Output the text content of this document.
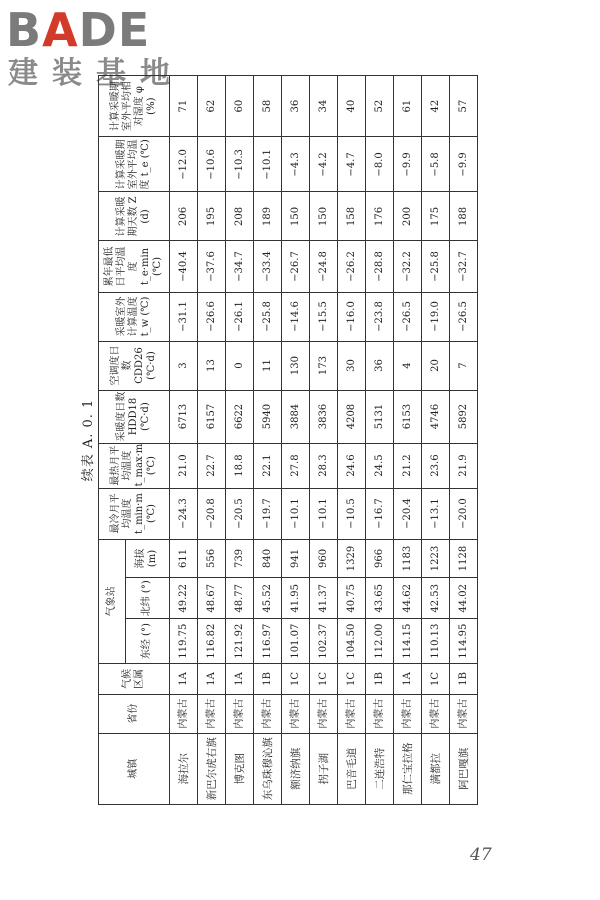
BADE
建装基地
续表 A. 0. 1
城镇	省份	气候区属	气象站			最冷月平均温度 t_min·m (℃)	最热月平均温度 t_max·m (℃)	采暖度日数 HDD18 (℃·d)	空调度日数 CDD26 (℃·d)	采暖室外计算温度 t_w (℃)	累年最低日平均温度 t_e·min (℃)	计算采暖期天数 Z (d)	计算采暖期室外平均温度 t_e (℃)	计算采暖期室外平均相对湿度 φ (%)
			东经 (°)	北纬 (°)	海拔 (m)									
海拉尔	内蒙古	1A	119.75	49.22	611	−24.3	21.0	6713	3	−31.1	−40.4	206	−12.0	71
新巴尔虎右旗	内蒙古	1A	116.82	48.67	556	−20.8	22.7	6157	13	−26.6	−37.6	195	−10.6	62
博克图	内蒙古	1A	121.92	48.77	739	−20.5	18.8	6622	0	−26.1	−34.7	208	−10.3	60
东乌珠穆沁旗	内蒙古	1B	116.97	45.52	840	−19.7	22.1	5940	11	−25.8	−33.4	189	−10.1	58
额济纳旗	内蒙古	1C	101.07	41.95	941	−10.1	27.8	3884	130	−14.6	−26.7	150	−4.3	36
拐子湖	内蒙古	1C	102.37	41.37	960	−10.1	28.3	3836	173	−15.5	−24.8	150	−4.2	34
巴音毛道	内蒙古	1C	104.50	40.75	1329	−10.5	24.6	4208	30	−16.0	−26.2	158	−4.7	40
二连浩特	内蒙古	1B	112.00	43.65	966	−16.7	24.5	5131	36	−23.8	−28.8	176	−8.0	52
那仁宝拉格	内蒙古	1A	114.15	44.62	1183	−20.4	21.2	6153	4	−26.5	−32.2	200	−9.9	61
满都拉	内蒙古	1C	110.13	42.53	1223	−13.1	23.6	4746	20	−19.0	−25.8	175	−5.8	42
阿巴嘎旗	内蒙古	1B	114.95	44.02	1128	−20.0	21.9	5892	7	−26.5	−32.7	188	−9.9	57
47
